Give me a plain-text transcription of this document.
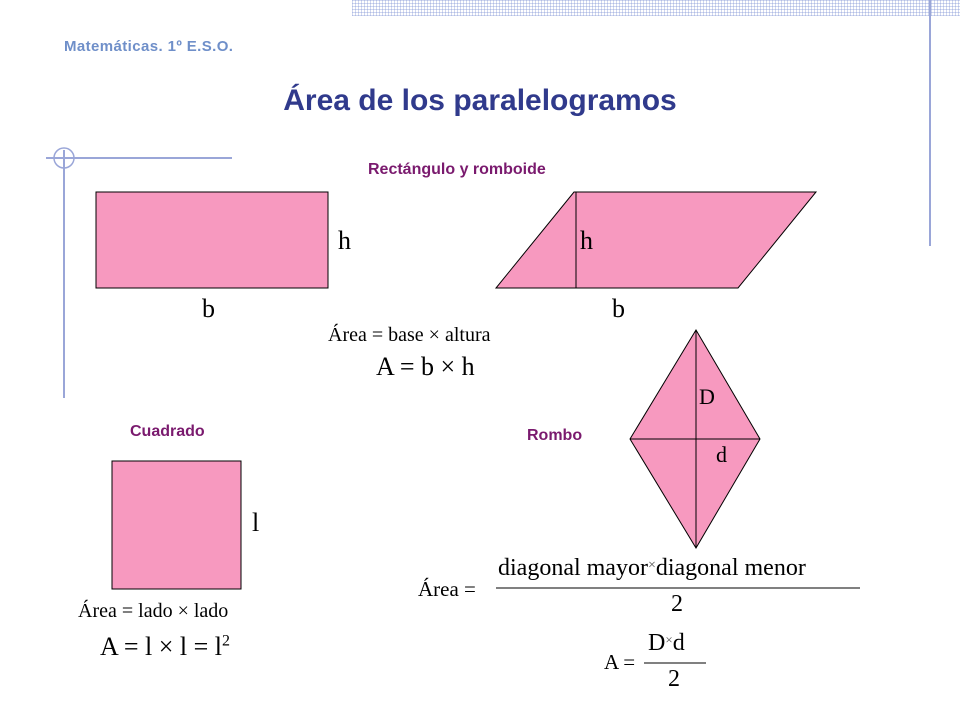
Matemáticas. 1º E.S.O.
Área de los paralelogramos
Rectángulo y romboide
h
b
h
b
Área = base × altura
A = b × h
Cuadrado
l
Área = lado × lado
$A = l \times l = l^2$
Rombo
D
d
Área =
diagonal mayor×diagonal menor
2
A =
D×d
2
